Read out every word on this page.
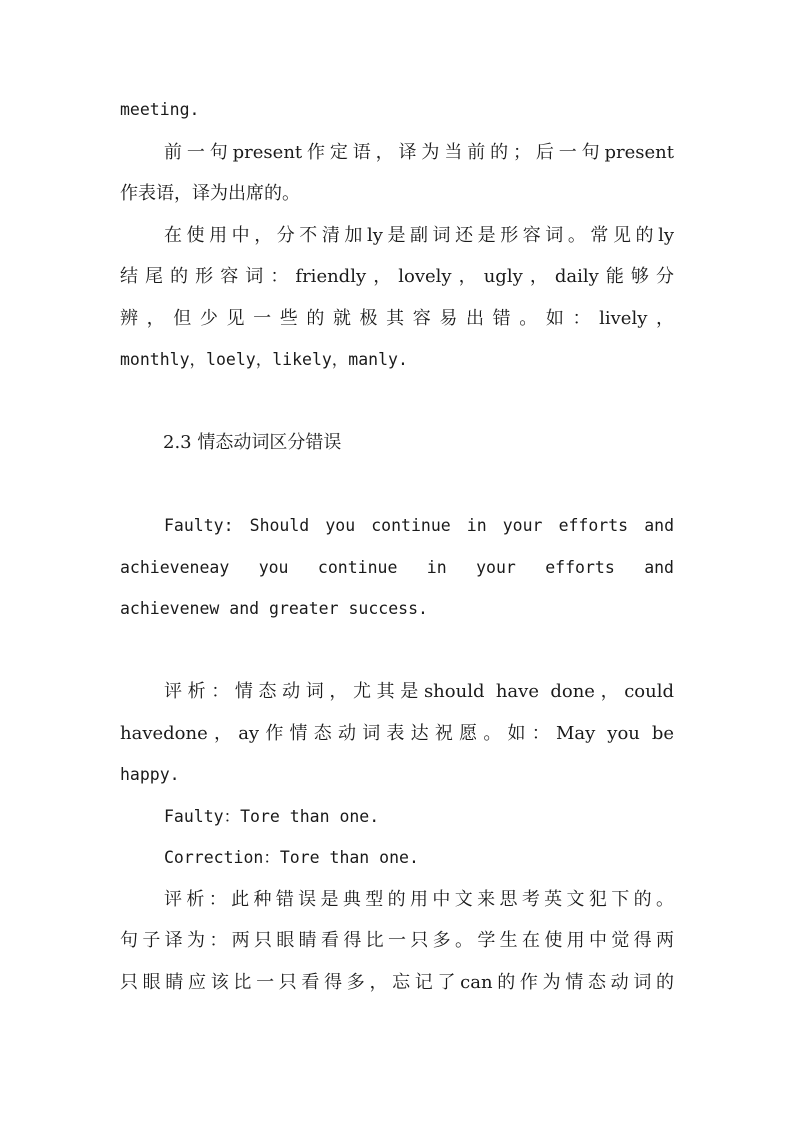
meeting.
前一句present作定语，译为当前的；后一句present
作表语，译为出席的。
在使用中，分不清加ly是副词还是形容词。常见的ly
结尾的形容词：friendly，lovely，ugly，daily能够分
辨，但少见一些的就极其容易出错。如：lively，
monthly，loely，likely，manly.
2.3 情态动词区分错误
Faulty: Should you continue in your efforts and
achieveneay you continue in your efforts and
achievenew and greater success.
评析：情态动词，尤其是should have done，could
havedone，ay作情态动词表达祝愿。如：May you be
happy.
Faulty：Tore than one.
Correction：Tore than one.
评析：此种错误是典型的用中文来思考英文犯下的。
句子译为：两只眼睛看得比一只多。学生在使用中觉得两
只眼睛应该比一只看得多，忘记了can的作为情态动词的
